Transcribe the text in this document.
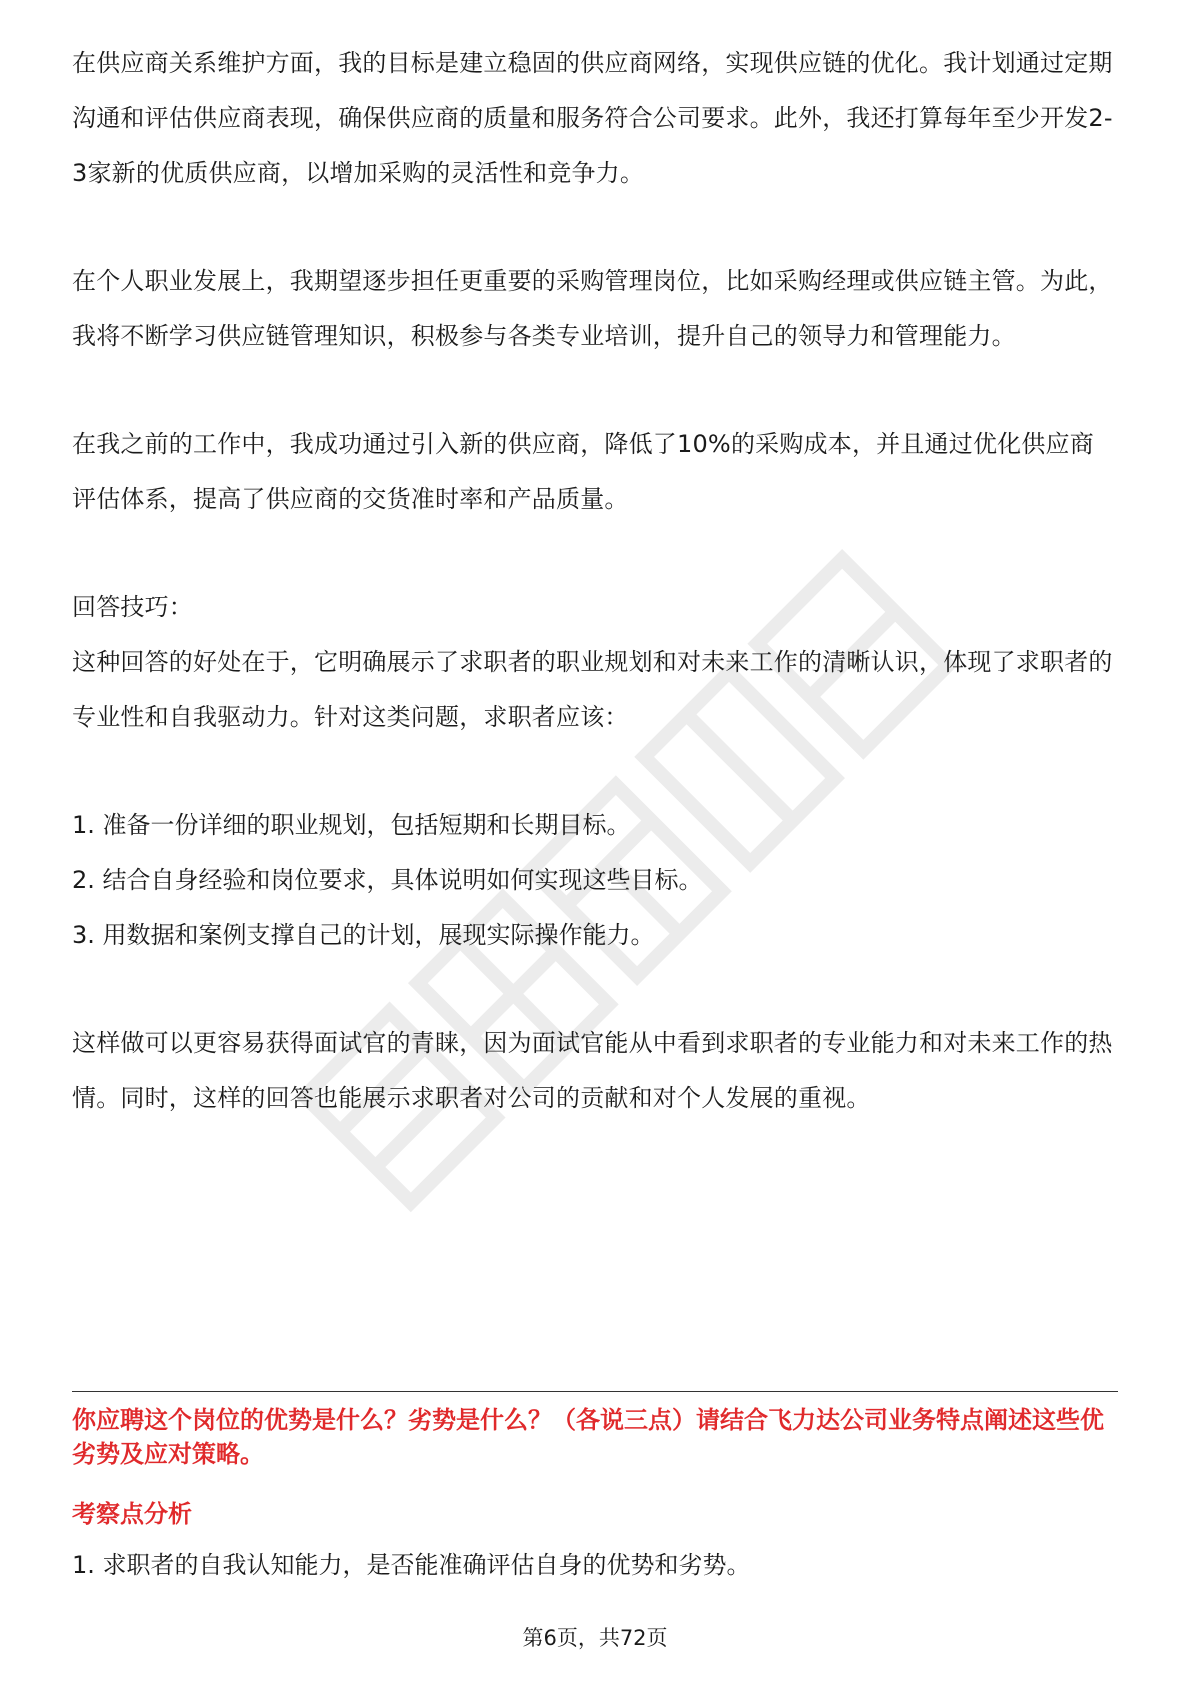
在供应商关系维护方面，我的目标是建立稳固的供应商网络，实现供应链的优化。我计划通过定期沟通和评估供应商表现，确保供应商的质量和服务符合公司要求。此外，我还打算每年至少开发2-3家新的优质供应商，以增加采购的灵活性和竞争力。

在个人职业发展上，我期望逐步担任更重要的采购管理岗位，比如采购经理或供应链主管。为此，我将不断学习供应链管理知识，积极参与各类专业培训，提升自己的领导力和管理能力。

在我之前的工作中，我成功通过引入新的供应商，降低了10%的采购成本，并且通过优化供应商评估体系，提高了供应商的交货准时率和产品质量。

回答技巧：

这种回答的好处在于，它明确展示了求职者的职业规划和对未来工作的清晰认识，体现了求职者的专业性和自我驱动力。针对这类问题，求职者应该：

1. 准备一份详细的职业规划，包括短期和长期目标。

2. 结合自身经验和岗位要求，具体说明如何实现这些目标。

3. 用数据和案例支撑自己的计划，展现实际操作能力。

这样做可以更容易获得面试官的青睐，因为面试官能从中看到求职者的专业能力和对未来工作的热情。同时，这样的回答也能展示求职者对公司的贡献和对个人发展的重视。

你应聘这个岗位的优势是什么？劣势是什么？（各说三点）请结合飞力达公司业务特点阐述这些优劣势及应对策略。

考察点分析

1. 求职者的自我认知能力，是否能准确评估自身的优势和劣势。

第6页，共72页
